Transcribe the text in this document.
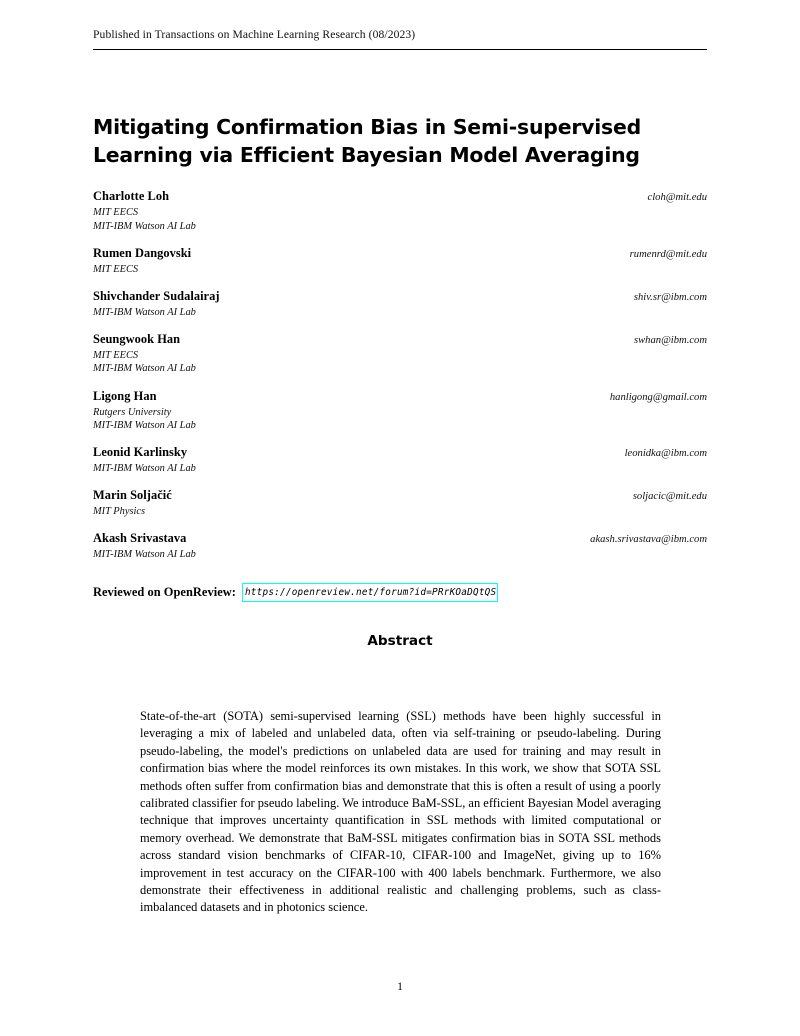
Published in Transactions on Machine Learning Research (08/2023)
Mitigating Confirmation Bias in Semi-supervised Learning via Efficient Bayesian Model Averaging
Charlotte Loh	cloh@mit.edu
MIT EECS
MIT-IBM Watson AI Lab
Rumen Dangovski	rumenrd@mit.edu
MIT EECS
Shivchander Sudalairaj	shiv.sr@ibm.com
MIT-IBM Watson AI Lab
Seungwook Han	swhan@ibm.com
MIT EECS
MIT-IBM Watson AI Lab
Ligong Han	hanligong@gmail.com
Rutgers University
MIT-IBM Watson AI Lab
Leonid Karlinsky	leonidka@ibm.com
MIT-IBM Watson AI Lab
Marin Soljačić	soljacic@mit.edu
MIT Physics
Akash Srivastava	akash.srivastava@ibm.com
MIT-IBM Watson AI Lab
Reviewed on OpenReview: https://openreview.net/forum?id=PRrKOaDQtQS
Abstract
State-of-the-art (SOTA) semi-supervised learning (SSL) methods have been highly successful in leveraging a mix of labeled and unlabeled data, often via self-training or pseudo-labeling. During pseudo-labeling, the model's predictions on unlabeled data are used for training and may result in confirmation bias where the model reinforces its own mistakes. In this work, we show that SOTA SSL methods often suffer from confirmation bias and demonstrate that this is often a result of using a poorly calibrated classifier for pseudo labeling. We introduce BaM-SSL, an efficient Bayesian Model averaging technique that improves uncertainty quantification in SSL methods with limited computational or memory overhead. We demonstrate that BaM-SSL mitigates confirmation bias in SOTA SSL methods across standard vision benchmarks of CIFAR-10, CIFAR-100 and ImageNet, giving up to 16% improvement in test accuracy on the CIFAR-100 with 400 labels benchmark. Furthermore, we also demonstrate their effectiveness in additional realistic and challenging problems, such as class-imbalanced datasets and in photonics science.
1
